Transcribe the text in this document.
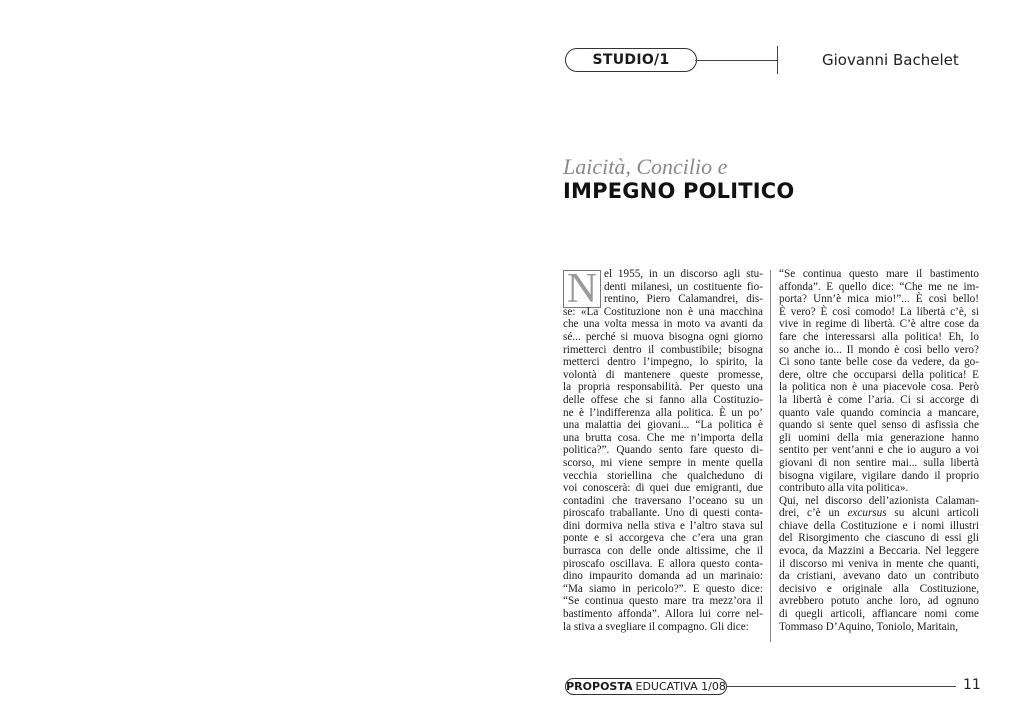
STUDIO/1	Giovanni Bachelet
Laicità, Concilio e
IMPEGNO POLITICO
N el 1955, in un discorso agli stu-
denti milanesi, un costituente fio-
rentino, Piero Calamandrei, dis-
se: «La Costituzione non è una macchina
che una volta messa in moto va avanti da
sé... perché si muova bisogna ogni giorno
rimetterci dentro il combustibile; bisogna
metterci dentro l’impegno, lo spirito, la
volontà di mantenere queste promesse,
la propria responsabilità. Per questo una
delle offese che si fanno alla Costituzio-
ne è l’indifferenza alla politica. È un po’
una malattia dei giovani... “La politica è
una brutta cosa. Che me n’importa della
politica?”. Quando sento fare questo di-
scorso, mi viene sempre in mente quella
vecchia storiellina che qualcheduno di
voi conoscerà: di quei due emigranti, due
contadini che traversano l’oceano su un
piroscafo traballante. Uno di questi conta-
dini dormiva nella stiva e l’altro stava sul
ponte e si accorgeva che c’era una gran
burrasca con delle onde altissime, che il
piroscafo oscillava. E allora questo conta-
dino impaurito domanda ad un marinaio:
“Ma siamo in pericolo?”. E questo dice:
“Se continua questo mare tra mezz’ora il
bastimento affonda”. Allora lui corre nel-
la stiva a svegliare il compagno. Gli dice:
“Se continua questo mare il bastimento
affonda”. E quello dice: “Che me ne im-
porta? Unn’è mica mio!”... È così bello!
È vero? È così comodo! La libertà c’è, si
vive in regime di libertà. C’è altre cose da
fare che interessarsi alla politica! Eh, lo
so anche io... Il mondo è così bello vero?
Ci sono tante belle cose da vedere, da go-
dere, oltre che occuparsi della politica! E
la politica non è una piacevole cosa. Però
la libertà è come l’aria. Ci si accorge di
quanto vale quando comincia a mancare,
quando si sente quel senso di asfissia che
gli uomini della mia generazione hanno
sentito per vent’anni e che io auguro a voi
giovani di non sentire mai... sulla libertà
bisogna vigilare, vigilare dando il proprio
contributo alla vita politica».
Qui, nel discorso dell’azionista Calaman-
drei, c’è un excursus su alcuni articoli
chiave della Costituzione e i nomi illustri
del Risorgimento che ciascuno di essi gli
evoca, da Mazzini a Beccaria. Nel leggere
il discorso mi veniva in mente che quanti,
da cristiani, avevano dato un contributo
decisivo e originale alla Costituzione,
avrebbero potuto anche loro, ad ognuno
di quegli articoli, affiancare nomi come
Tommaso D’Aquino, Toniolo, Maritain,
PROPOSTA EDUCATIVA 1/08	11
